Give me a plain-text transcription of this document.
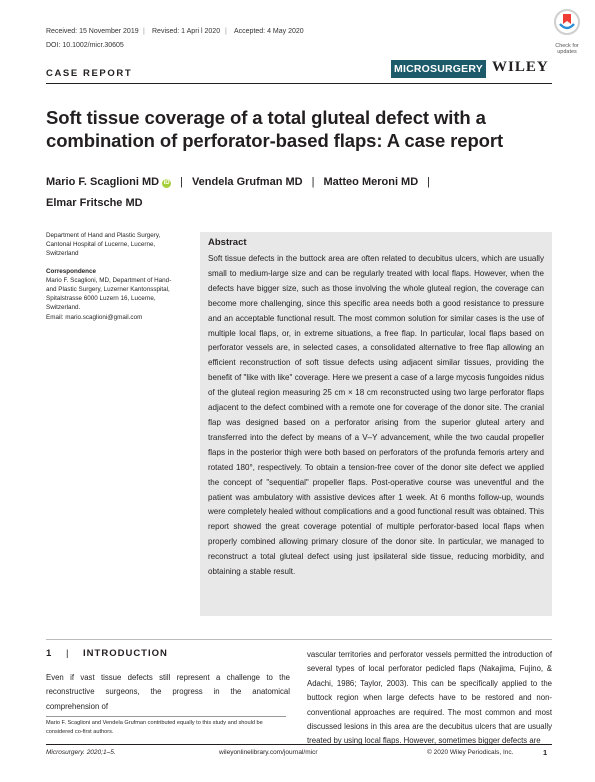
Received: 15 November 2019 | Revised: 1 Apri l 2020 | Accepted: 4 May 2020
DOI: 10.1002/micr.30605	Check for updates
CASE REPORT	MICROSURGERY WILEY
Soft tissue coverage of a total gluteal defect with a
combination of perforator-based flaps: A case report
Mario F. Scaglioni MD iD | Vendela Grufman MD | Matteo Meroni MD |
Elmar Fritsche MD
Department of Hand and Plastic Surgery,
Cantonal Hospital of Lucerne, Lucerne,
Switzerland
Correspondence
Mario F. Scaglioni, MD, Department of Hand-
and Plastic Surgery, Luzerner Kantonsspital,
Spitalstrasse 6000 Luzern 16, Lucerne,
Switzerland.
Email: mario.scaglioni@gmail.com
Abstract
Soft tissue defects in the buttock area are often related to decubitus ulcers, which are usually small to medium-large size and can be regularly treated with local flaps. However, when the defects have bigger size, such as those involving the whole gluteal region, the coverage can become more challenging, since this specific area needs both a good resistance to pressure and an acceptable functional result. The most common solution for similar cases is the use of multiple local flaps, or, in extreme situations, a free flap. In particular, local flaps based on perforator vessels are, in selected cases, a consolidated alternative to free flap allowing an efficient reconstruction of soft tissue defects using adjacent similar tissues, providing the benefit of "like with like" coverage. Here we present a case of a large mycosis fungoides nidus of the gluteal region measuring 25 cm × 18 cm reconstructed using two large perforator flaps adjacent to the defect combined with a remote one for coverage of the donor site. The cranial flap was designed based on a perforator arising from the superior gluteal artery and transferred into the defect by means of a V–Y advancement, while the two caudal propeller flaps in the posterior thigh were both based on perforators of the profunda femoris artery and rotated 180°, respectively. To obtain a tension-free cover of the donor site defect we applied the concept of "sequential" propeller flaps. Post-operative course was uneventful and the patient was ambulatory with assistive devices after 1 week. At 6 months follow-up, wounds were completely healed without complications and a good functional result was obtained. This report showed the great coverage potential of multiple perforator-based local flaps when properly combined allowing primary closure of the donor site. In particular, we managed to reconstruct a total gluteal defect using just ipsilateral side tissue, reducing morbidity, and obtaining a stable result.
1 | INTRODUCTION
Even if vast tissue defects still represent a challenge to the reconstructive surgeons, the progress in the anatomical comprehension of
vascular territories and perforator vessels permitted the introduction of several types of local perforator pedicled flaps (Nakajima, Fujino, & Adachi, 1986; Taylor, 2003). This can be specifically applied to the buttock region when large defects have to be restored and non-conventional approaches are required. The most common and most discussed lesions in this area are the decubitus ulcers that are usually treated by using local flaps. However, sometimes bigger defects are
Mario F. Scaglioni and Vendela Grufman contributed equally to this study and should be considered co-first authors.
Microsurgery. 2020;1–5.	wileyonlinelibrary.com/journal/micr	© 2020 Wiley Periodicals, Inc.	1
